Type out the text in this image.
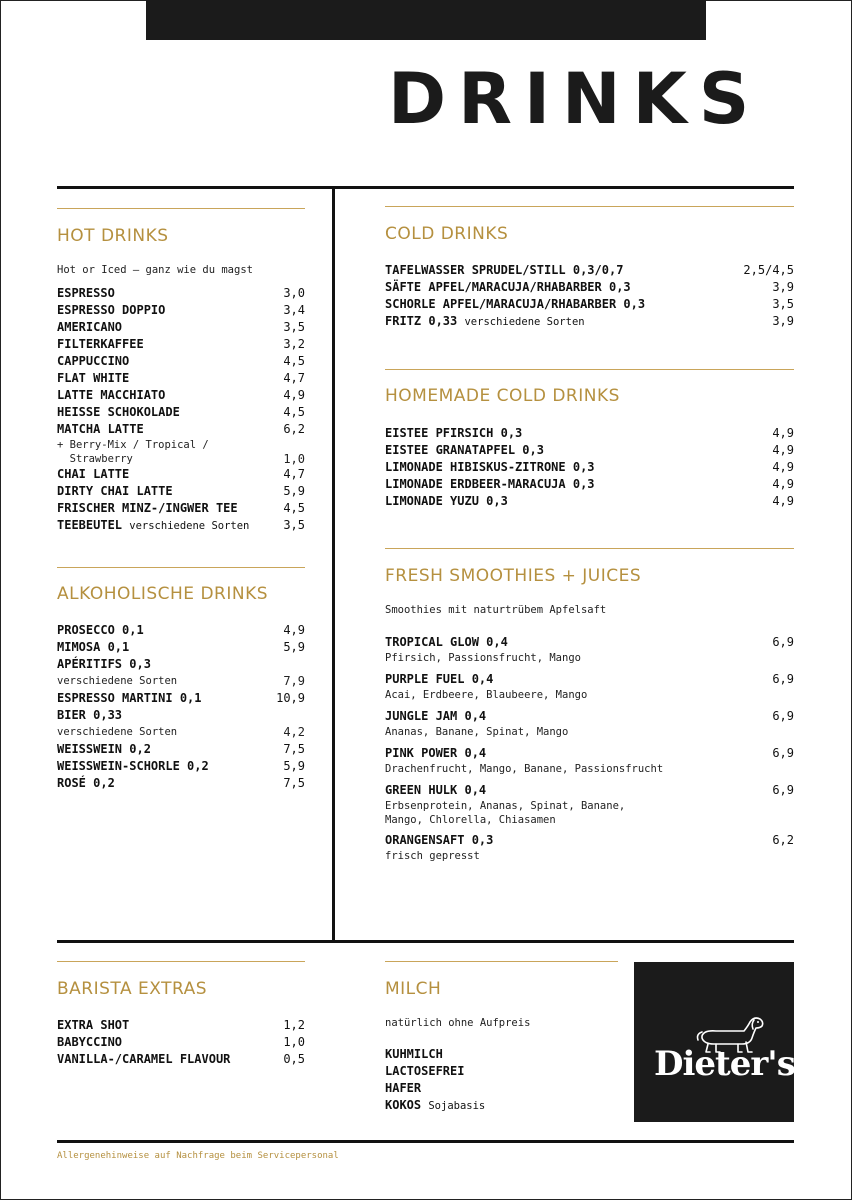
DRINKS
HOT DRINKS
Hot or Iced – ganz wie du magst
ESPRESSO	3,0
ESPRESSO DOPPIO	3,4
AMERICANO	3,5
FILTERKAFFEE	3,2
CAPPUCCINO	4,5
FLAT WHITE	4,7
LATTE MACCHIATO	4,9
HEISSE SCHOKOLADE	4,5
MATCHA LATTE	6,2
+ Berry-Mix / Tropical /
Strawberry	1,0
CHAI LATTE	4,7
DIRTY CHAI LATTE	5,9
FRISCHER MINZ-/INGWER TEE	4,5
TEEBEUTEL verschiedene Sorten	3,5
ALKOHOLISCHE DRINKS
PROSECCO 0,1	4,9
MIMOSA 0,1	5,9
APÉRITIFS 0,3
verschiedene Sorten	7,9
ESPRESSO MARTINI 0,1	10,9
BIER 0,33
verschiedene Sorten	4,2
WEISSWEIN 0,2	7,5
WEISSWEIN-SCHORLE 0,2	5,9
ROSÉ 0,2	7,5
COLD DRINKS
TAFELWASSER SPRUDEL/STILL 0,3/0,7	2,5/4,5
SÄFTE APFEL/MARACUJA/RHABARBER 0,3	3,9
SCHORLE APFEL/MARACUJA/RHABARBER 0,3	3,5
FRITZ 0,33 verschiedene Sorten	3,9
HOMEMADE COLD DRINKS
EISTEE PFIRSICH 0,3	4,9
EISTEE GRANATAPFEL 0,3	4,9
LIMONADE HIBISKUS-ZITRONE 0,3	4,9
LIMONADE ERDBEER-MARACUJA 0,3	4,9
LIMONADE YUZU 0,3	4,9
FRESH SMOOTHIES + JUICES
Smoothies mit naturtrübem Apfelsaft
TROPICAL GLOW 0,4	6,9
Pfirsich, Passionsfrucht, Mango
PURPLE FUEL 0,4	6,9
Acai, Erdbeere, Blaubeere, Mango
JUNGLE JAM 0,4	6,9
Ananas, Banane, Spinat, Mango
PINK POWER 0,4	6,9
Drachenfrucht, Mango, Banane, Passionsfrucht
GREEN HULK 0,4	6,9
Erbsenprotein, Ananas, Spinat, Banane,
Mango, Chlorella, Chiasamen
ORANGENSAFT 0,3	6,2
frisch gepresst
BARISTA EXTRAS
EXTRA SHOT	1,2
BABYCCINO	1,0
VANILLA-/CARAMEL FLAVOUR	0,5
MILCH
natürlich ohne Aufpreis
KUHMILCH
LACTOSEFREI
HAFER
KOKOS Sojabasis
Dieter's
Allergenehinweise auf Nachfrage beim Servicepersonal
